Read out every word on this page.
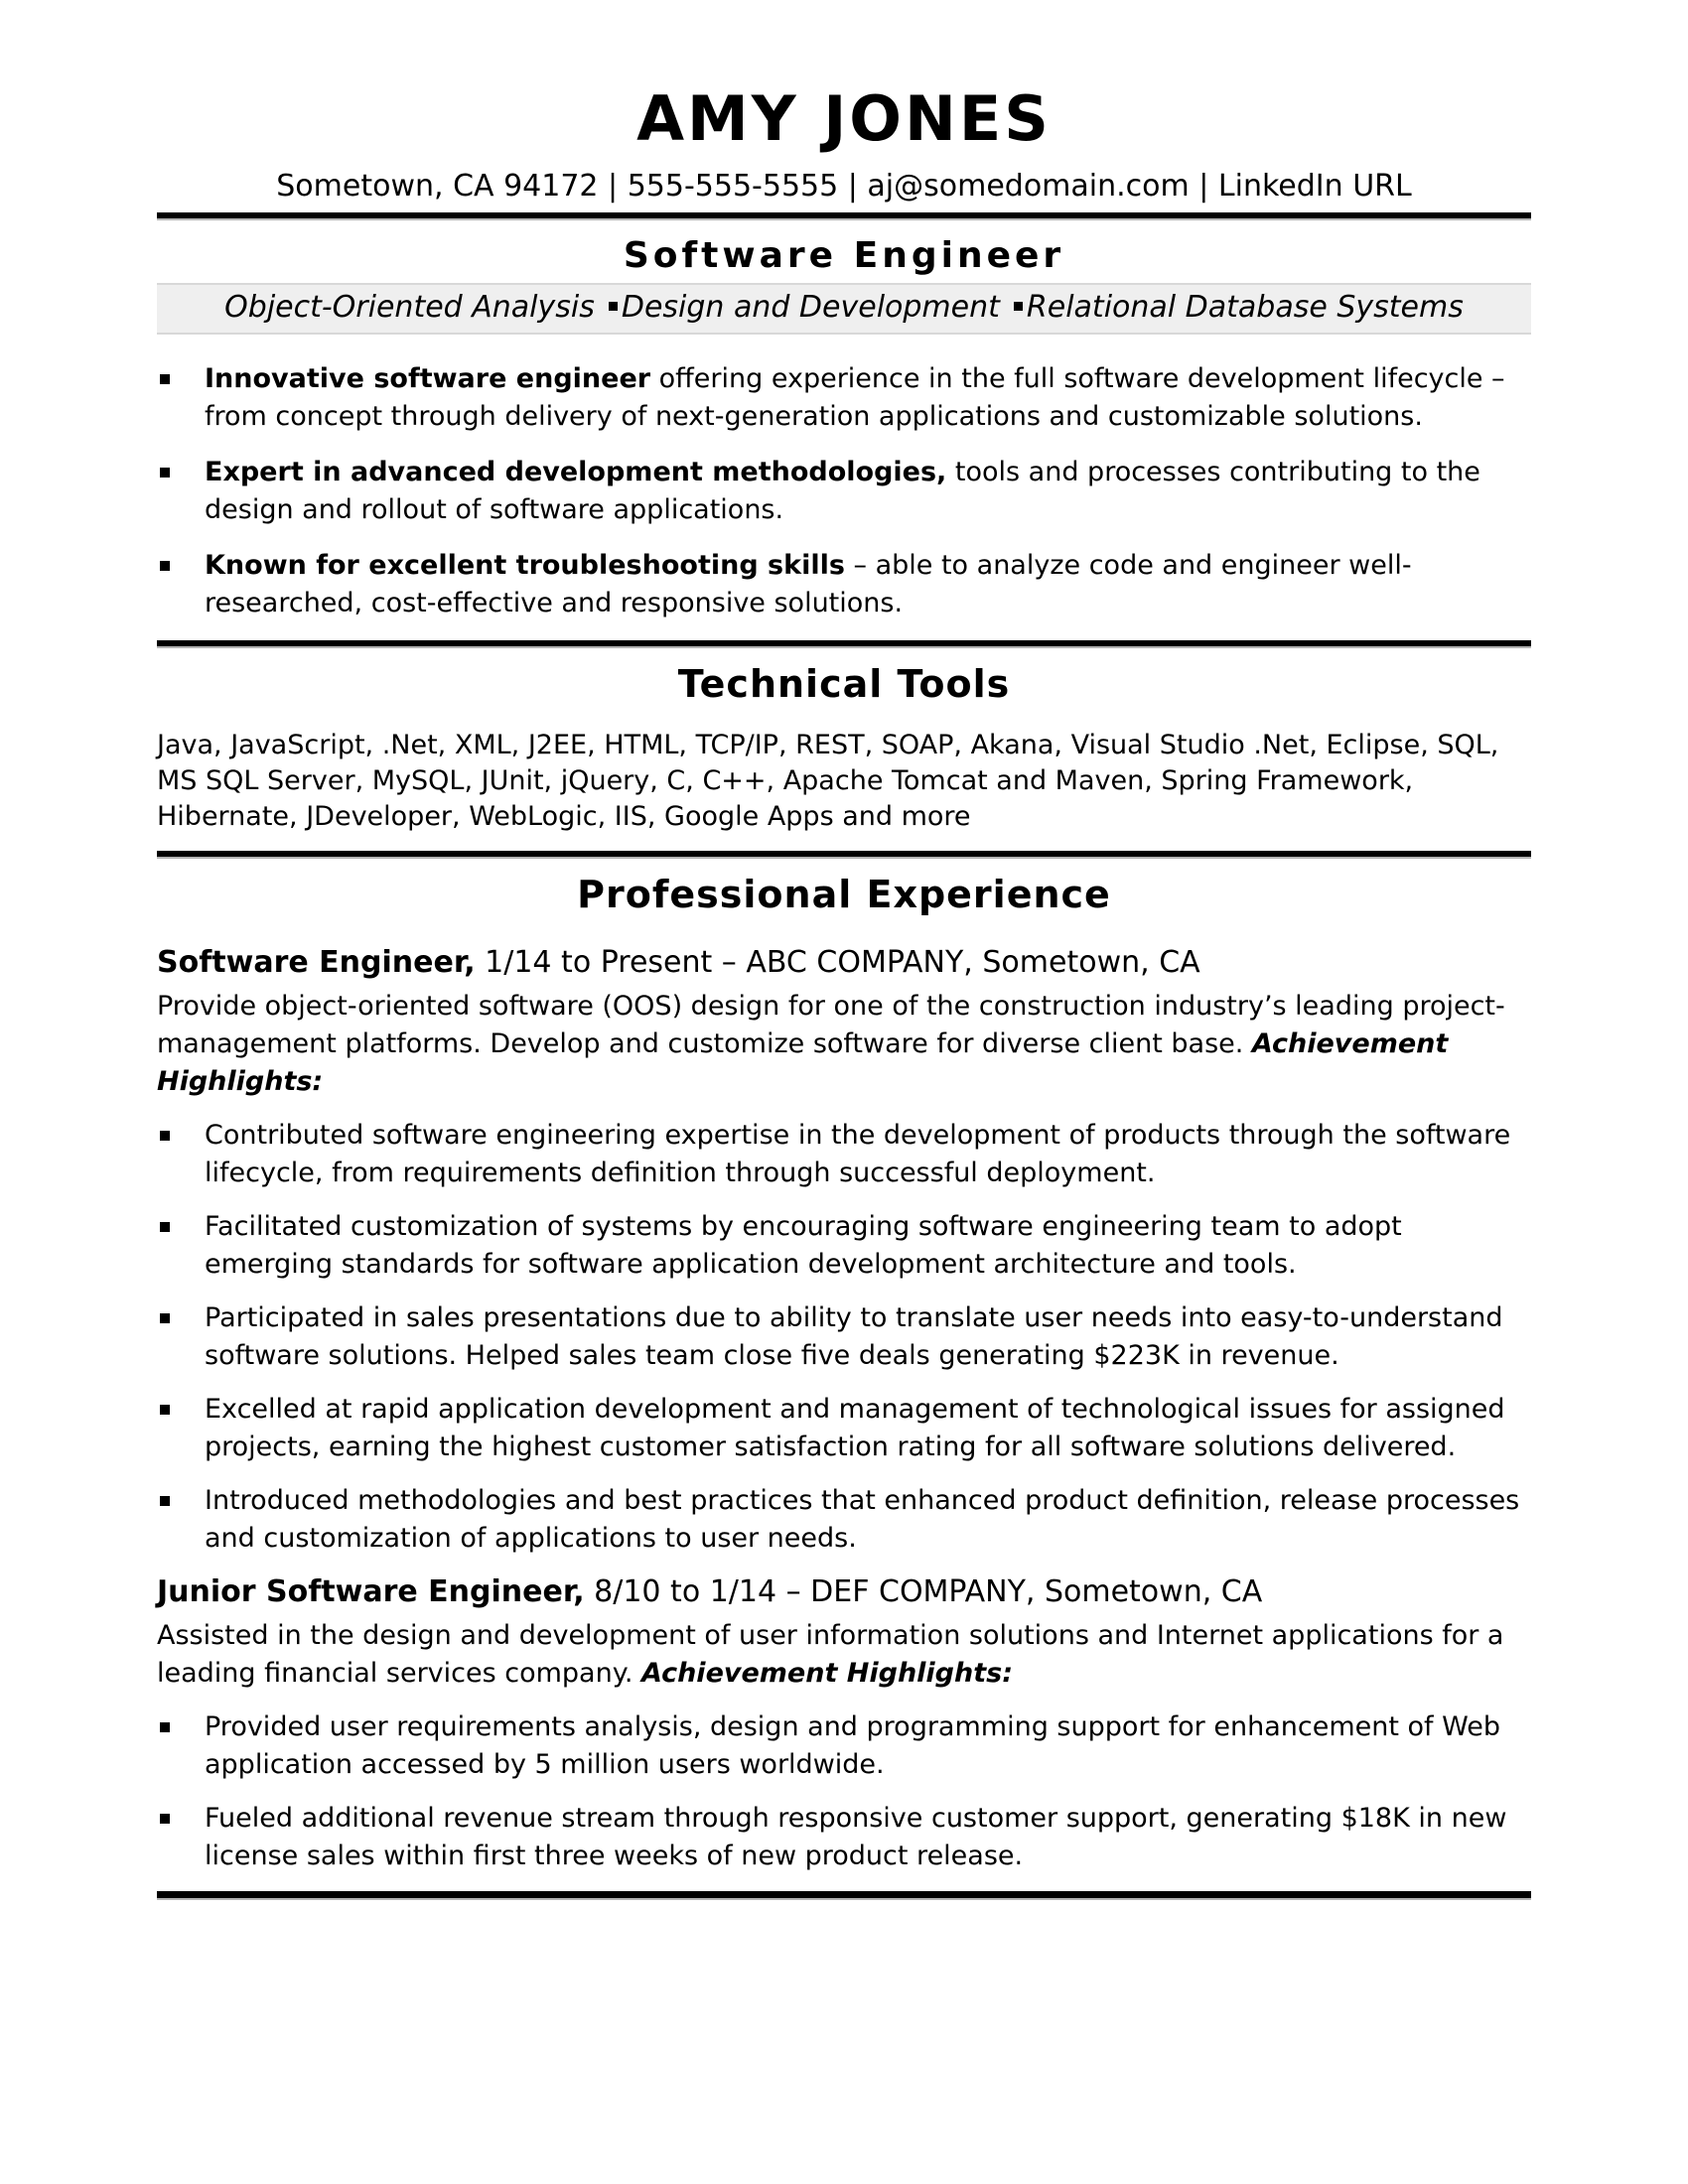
AMY JONES
Sometown, CA 94172 | 555-555-5555 | aj@somedomain.com | LinkedIn URL
Software Engineer
Object-Oriented Analysis Design and Development Relational Database Systems
Innovative software engineer offering experience in the full software development lifecycle – from concept through delivery of next-generation applications and customizable solutions.
Expert in advanced development methodologies, tools and processes contributing to the design and rollout of software applications.
Known for excellent troubleshooting skills – able to analyze code and engineer well-researched, cost-effective and responsive solutions.
Technical Tools

Java, JavaScript, .Net, XML, J2EE, HTML, TCP/IP, REST, SOAP, Akana, Visual Studio .Net, Eclipse, SQL, MS SQL Server, MySQL, JUnit, jQuery, C, C++, Apache Tomcat and Maven, Spring Framework, Hibernate, JDeveloper, WebLogic, IIS, Google Apps and more

Professional Experience

Software Engineer, 1/14 to Present – ABC COMPANY, Sometown, CA

Provide object-oriented software (OOS) design for one of the construction industry’s leading project- management platforms. Develop and customize software for diverse client base. Achievement Highlights:

Contributed software engineering expertise in the development of products through the software lifecycle, from requirements definition through successful deployment.
Facilitated customization of systems by encouraging software engineering team to adopt emerging standards for software application development architecture and tools.
Participated in sales presentations due to ability to translate user needs into easy-to-understand software solutions. Helped sales team close five deals generating $223K in revenue.
Excelled at rapid application development and management of technological issues for assigned projects, earning the highest customer satisfaction rating for all software solutions delivered.
Introduced methodologies and best practices that enhanced product definition, release processes and customization of applications to user needs.

Junior Software Engineer, 8/10 to 1/14 – DEF COMPANY, Sometown, CA

Assisted in the design and development of user information solutions and Internet applications for a leading financial services company. Achievement Highlights:

Provided user requirements analysis, design and programming support for enhancement of Web application accessed by 5 million users worldwide.
Fueled additional revenue stream through responsive customer support, generating $18K in new license sales within first three weeks of new product release.
